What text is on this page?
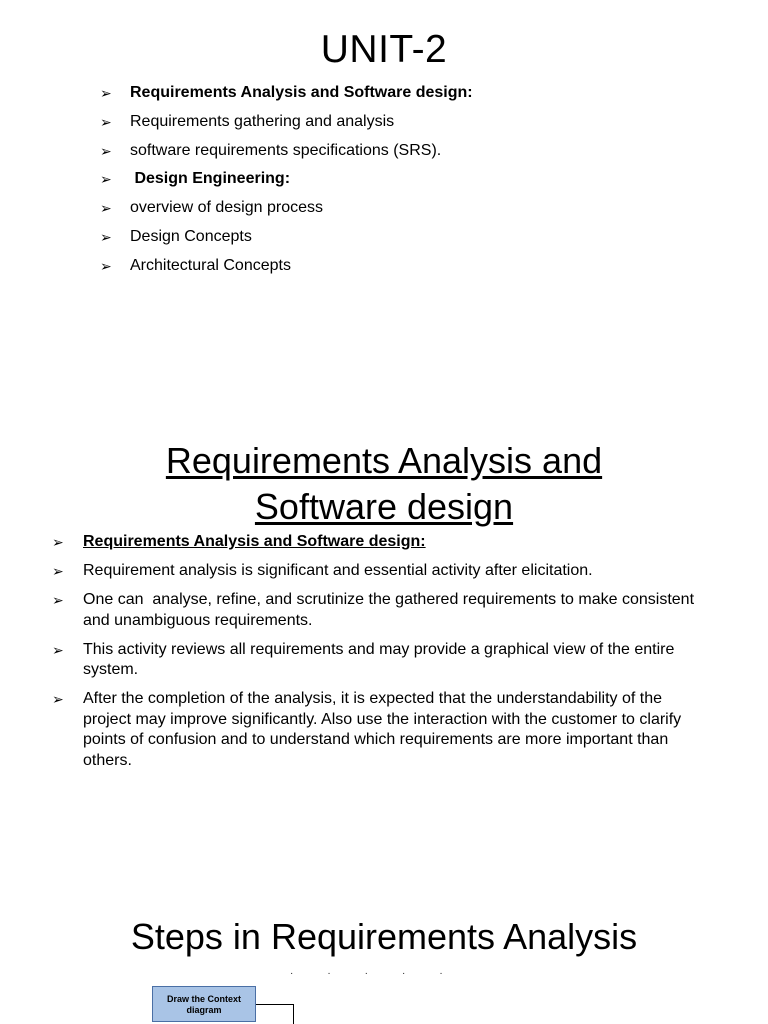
UNIT-2
➢	Requirements Analysis and Software design:
➢	Requirements gathering and analysis
➢	software requirements specifications (SRS).
➢	Design Engineering:
➢	overview of design process
➢	Design Concepts
➢	Architectural Concepts
Requirements Analysis and
Software design
➢	Requirements Analysis and Software design:
➢	Requirement analysis is significant and essential activity after elicitation.
➢	One can  analyse, refine, and scrutinize the gathered requirements to make consistent and unambiguous requirements.
➢	This activity reviews all requirements and may provide a graphical view of the entire system.
➢	After the completion of the analysis, it is expected that the understandability of the project may improve significantly. Also use the interaction with the customer to clarify points of confusion and to understand which requirements are more important than others.
Steps in Requirements Analysis
·····
Draw the Context
diagram
